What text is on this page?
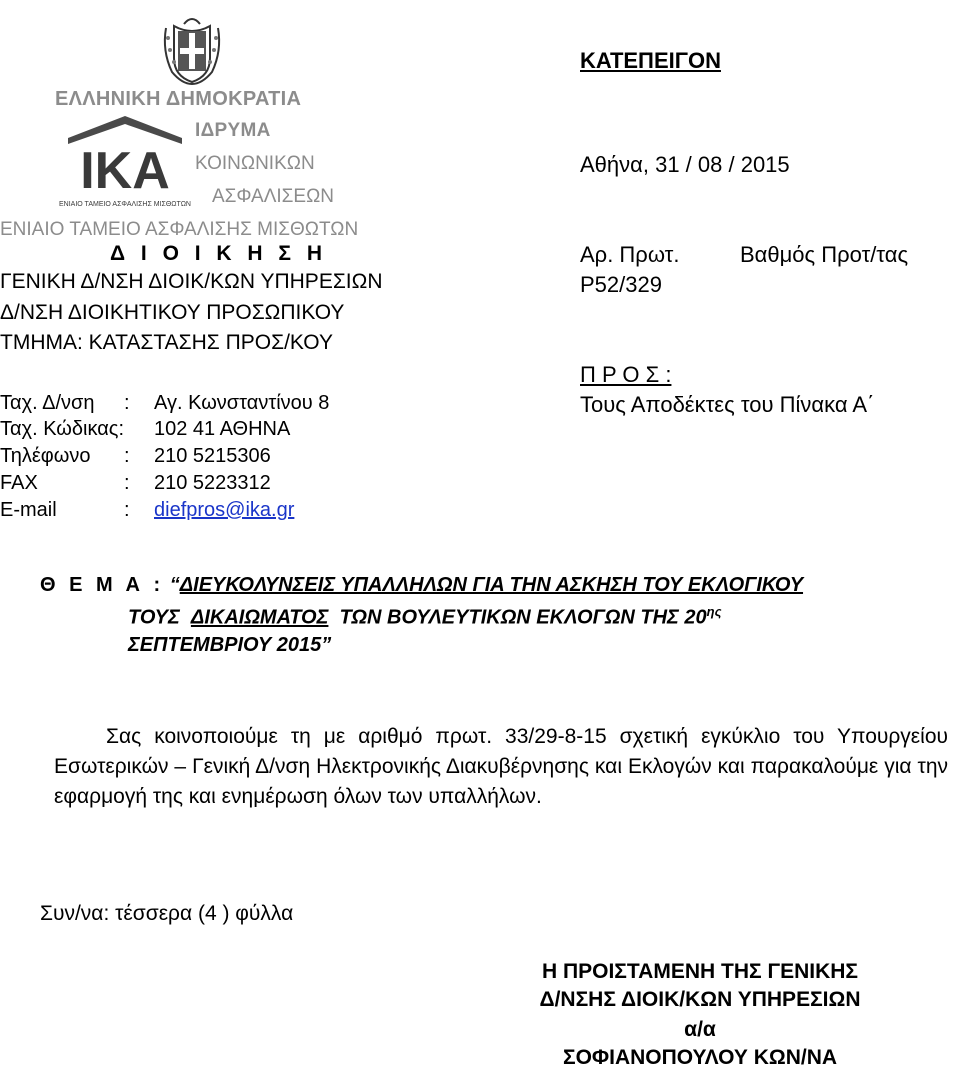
ΕΛΛΗΝΙΚΗ ΔΗΜΟΚΡΑΤΙΑ
IKA
ΕΝΙΑΙΟ ΤΑΜΕΙΟ ΑΣΦΑΛΙΣΗΣ ΜΙΣΘΩΤΩΝ
ΙΔΡΥΜΑ
ΚΟΙΝΩΝΙΚΩΝ
ΑΣΦΑΛΙΣΕΩΝ
ΕΝΙΑΙΟ ΤΑΜΕΙΟ ΑΣΦΑΛΙΣΗΣ ΜΙΣΘΩΤΩΝ
Δ Ι Ο Ι Κ Η Σ Η
ΓΕΝΙΚΗ Δ/ΝΣΗ ΔΙΟΙΚ/ΚΩΝ ΥΠΗΡΕΣΙΩΝ
Δ/ΝΣΗ ΔΙΟΙΚΗΤΙΚΟΥ ΠΡΟΣΩΠΙΚΟΥ
ΤΜΗΜΑ: ΚΑΤΑΣΤΑΣΗΣ ΠΡΟΣ/ΚΟΥ
Ταχ. Δ/νση : Αγ. Κωνσταντίνου 8
Ταχ. Κώδικας: 102 41 ΑΘΗΝΑ
Τηλέφωνο : 210 5215306
FAX	: 210 5223312
E-mail	: diefpros@ika.gr
ΚΑΤΕΠΕΙΓΟΝ
Αθήνα, 31 / 08 / 2015
Αρ. Πρωτ.	Βαθμός Προτ/τας
Ρ52/329
Π Ρ Ο Σ :
Τους Αποδέκτες του Πίνακα Α΄
Θ Ε Μ Α : “ΔΙΕΥΚΟΛΥΝΣΕΙΣ ΥΠΑΛΛΗΛΩΝ ΓΙΑ ΤΗΝ ΑΣΚΗΣΗ ΤΟΥ ΕΚΛΟΓΙΚΟΥ
ΤΟΥΣ ΔΙΚΑΙΩΜΑΤΟΣ ΤΩΝ ΒΟΥΛΕΥΤΙΚΩΝ ΕΚΛΟΓΩΝ ΤΗΣ $20^{\eta\varsigma}$
ΣΕΠΤΕΜΒΡΙΟΥ 2015”
Σας κοινοποιούμε τη με αριθμό πρωτ. 33/29-8-15 σχετική εγκύκλιο του Υπουργείου Εσωτερικών – Γενική Δ/νση Ηλεκτρονικής Διακυβέρνησης και Εκλογών και παρακαλούμε για την εφαρμογή της και ενημέρωση όλων των υπαλλήλων.
Συν/να: τέσσερα (4 ) φύλλα
Η ΠΡΟΙΣΤΑΜΕΝΗ ΤΗΣ ΓΕΝΙΚΗΣ
Δ/ΝΣΗΣ ΔΙΟΙΚ/ΚΩΝ ΥΠΗΡΕΣΙΩΝ
α/α
ΣΟΦΙΑΝΟΠΟΥΛΟΥ ΚΩΝ/ΝΑ
